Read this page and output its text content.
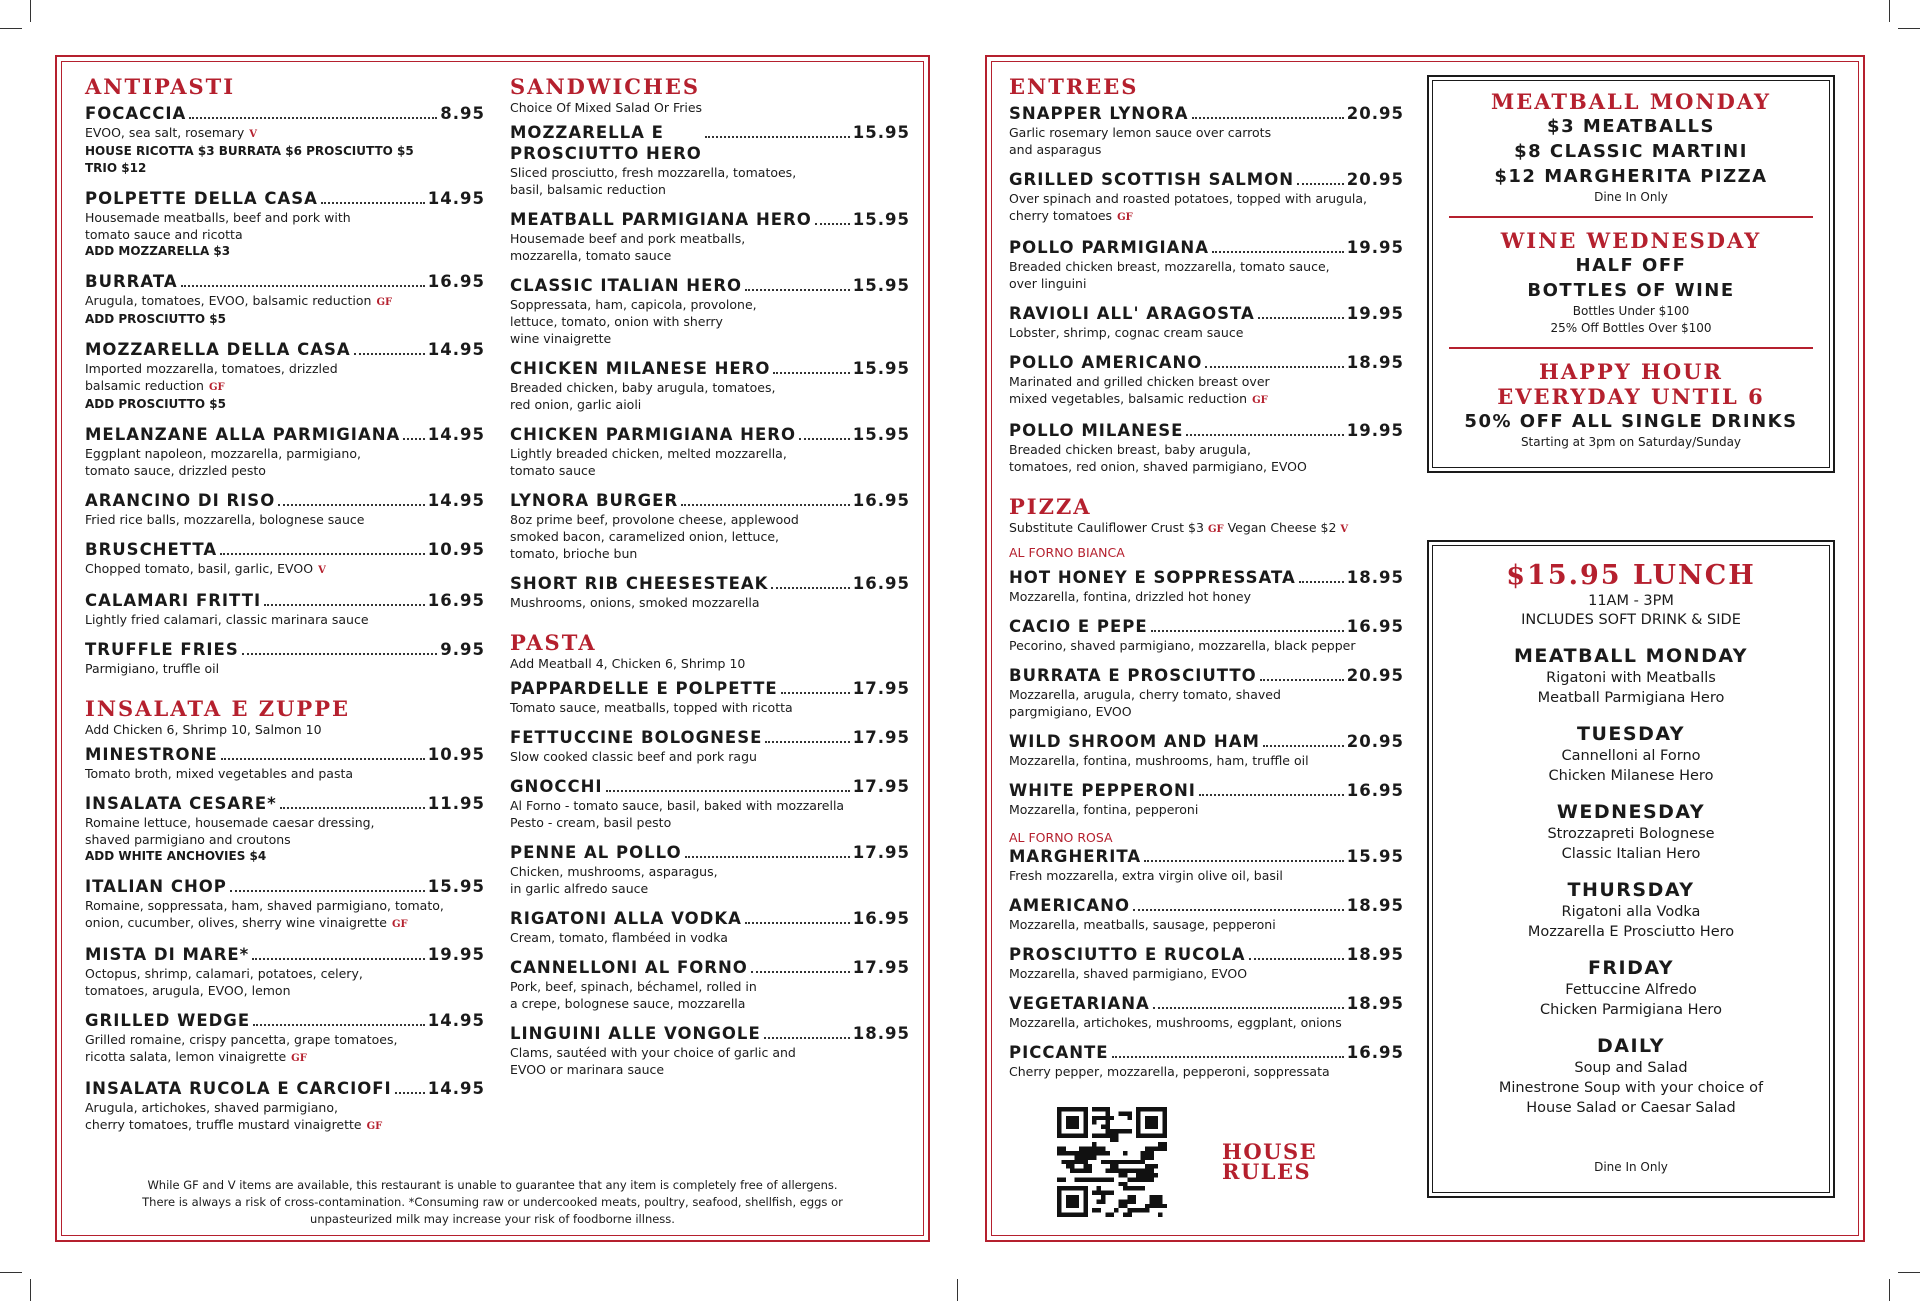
ANTIPASTI
FOCACCIA	8.95
EVOO, sea salt, rosemary V
HOUSE RICOTTA $3 BURRATA $6 PROSCIUTTO $5
TRIO $12
POLPETTE DELLA CASA	14.95
Housemade meatballs, beef and pork with
tomato sauce and ricotta
ADD MOZZARELLA $3
BURRATA	16.95
Arugula, tomatoes, EVOO, balsamic reduction GF
ADD PROSCIUTTO $5
MOZZARELLA DELLA CASA	14.95
Imported mozzarella, tomatoes, drizzled
balsamic reduction GF
ADD PROSCIUTTO $5
MELANZANE ALLA PARMIGIANA 14.95
Eggplant napoleon, mozzarella, parmigiano,
tomato sauce, drizzled pesto
ARANCINO DI RISO	14.95
Fried rice balls, mozzarella, bolognese sauce
BRUSCHETTA	10.95
Chopped tomato, basil, garlic, EVOO V
CALAMARI FRITTI	16.95
Lightly fried calamari, classic marinara sauce
TRUFFLE FRIES	9.95
Parmigiano, truffle oil
INSALATA E ZUPPE
Add Chicken 6, Shrimp 10, Salmon 10
MINESTRONE	10.95
Tomato broth, mixed vegetables and pasta
INSALATA CESARE*	11.95
Romaine lettuce, housemade caesar dressing,
shaved parmigiano and croutons
ADD WHITE ANCHOVIES $4
ITALIAN CHOP	15.95
Romaine, soppressata, ham, shaved parmigiano, tomato,
onion, cucumber, olives, sherry wine vinaigrette GF
MISTA DI MARE*	19.95
Octopus, shrimp, calamari, potatoes, celery,
tomatoes, arugula, EVOO, lemon
GRILLED WEDGE	14.95
Grilled romaine, crispy pancetta, grape tomatoes,
ricotta salata, lemon vinaigrette GF
INSALATA RUCOLA E CARCIOFI 14.95
Arugula, artichokes, shaved parmigiano,
cherry tomatoes, truffle mustard vinaigrette GF
SANDWICHES
Choice Of Mixed Salad Or Fries
MOZZARELLA E
PROSCIUTTO HERO
15.95
Sliced prosciutto, fresh mozzarella, tomatoes,
basil, balsamic reduction
MEATBALL PARMIGIANA HERO 15.95
Housemade beef and pork meatballs,
mozzarella, tomato sauce
CLASSIC ITALIAN HERO	15.95
Soppressata, ham, capicola, provolone,
lettuce, tomato, onion with sherry
wine vinaigrette
CHICKEN MILANESE HERO	15.95
Breaded chicken, baby arugula, tomatoes,
red onion, garlic aioli
CHICKEN PARMIGIANA HERO	15.95
Lightly breaded chicken, melted mozzarella,
tomato sauce
LYNORA BURGER	16.95
8oz prime beef, provolone cheese, applewood
smoked bacon, caramelized onion, lettuce,
tomato, brioche bun
SHORT RIB CHEESESTEAK	16.95
Mushrooms, onions, smoked mozzarella
PASTA
Add Meatball 4, Chicken 6, Shrimp 10
PAPPARDELLE E POLPETTE	17.95
Tomato sauce, meatballs, topped with ricotta
FETTUCCINE BOLOGNESE	17.95
Slow cooked classic beef and pork ragu
GNOCCHI	17.95
Al Forno - tomato sauce, basil, baked with mozzarella
Pesto - cream, basil pesto
PENNE AL POLLO	17.95
Chicken, mushrooms, asparagus,
in garlic alfredo sauce
RIGATONI ALLA VODKA	16.95
Cream, tomato, flambéed in vodka
CANNELLONI AL FORNO	17.95
Pork, beef, spinach, béchamel, rolled in
a crepe, bolognese sauce, mozzarella
LINGUINI ALLE VONGOLE	18.95
Clams, sautéed with your choice of garlic and
EVOO or marinara sauce
While GF and V items are available, this restaurant is unable to guarantee that any item is completely free of allergens.
There is always a risk of cross-contamination. *Consuming raw or undercooked meats, poultry, seafood, shellfish, eggs or
unpasteurized milk may increase your risk of foodborne illness.
ENTREES
SNAPPER LYNORA	20.95
Garlic rosemary lemon sauce over carrots
and asparagus
GRILLED SCOTTISH SALMON	20.95
Over spinach and roasted potatoes, topped with arugula,
cherry tomatoes GF
POLLO PARMIGIANA	19.95
Breaded chicken breast, mozzarella, tomato sauce,
over linguini
RAVIOLI ALL' ARAGOSTA	19.95
Lobster, shrimp, cognac cream sauce
POLLO AMERICANO	18.95
Marinated and grilled chicken breast over
mixed vegetables, balsamic reduction GF
POLLO MILANESE	19.95
Breaded chicken breast, baby arugula,
tomatoes, red onion, shaved parmigiano, EVOO
PIZZA
Substitute Cauliflower Crust $3 GF Vegan Cheese $2 V
AL FORNO BIANCA
HOT HONEY E SOPPRESSATA	18.95
Mozzarella, fontina, drizzled hot honey
CACIO E PEPE	16.95
Pecorino, shaved parmigiano, mozzarella, black pepper
BURRATA E PROSCIUTTO	20.95
Mozzarella, arugula, cherry tomato, shaved
pargmigiano, EVOO
WILD SHROOM AND HAM	20.95
Mozzarella, fontina, mushrooms, ham, truffle oil
WHITE PEPPERONI	16.95
Mozzarella, fontina, pepperoni
AL FORNO ROSA
MARGHERITA	15.95
Fresh mozzarella, extra virgin olive oil, basil
AMERICANO	18.95
Mozzarella, meatballs, sausage, pepperoni
PROSCIUTTO E RUCOLA	18.95
Mozzarella, shaved parmigiano, EVOO
VEGETARIANA	18.95
Mozzarella, artichokes, mushrooms, eggplant, onions
PICCANTE	16.95
Cherry pepper, mozzarella, pepperoni, soppressata
MEATBALL MONDAY
$3 MEATBALLS
$8 CLASSIC MARTINI
$12 MARGHERITA PIZZA
Dine In Only
WINE WEDNESDAY
HALF OFF
BOTTLES OF WINE
Bottles Under $100
25% Off Bottles Over $100
HAPPY HOUR
EVERYDAY UNTIL 6
50% OFF ALL SINGLE DRINKS
Starting at 3pm on Saturday/Sunday
$15.95 LUNCH
11AM - 3PM
INCLUDES SOFT DRINK & SIDE
MEATBALL MONDAY
Rigatoni with Meatballs
Meatball Parmigiana Hero
TUESDAY
Cannelloni al Forno
Chicken Milanese Hero
WEDNESDAY
Strozzapreti Bolognese
Classic Italian Hero
THURSDAY
Rigatoni alla Vodka
Mozzarella E Prosciutto Hero
FRIDAY
Fettuccine Alfredo
Chicken Parmigiana Hero
DAILY
Soup and Salad
Minestrone Soup with your choice of
House Salad or Caesar Salad
Dine In Only
HOUSE
RULES
